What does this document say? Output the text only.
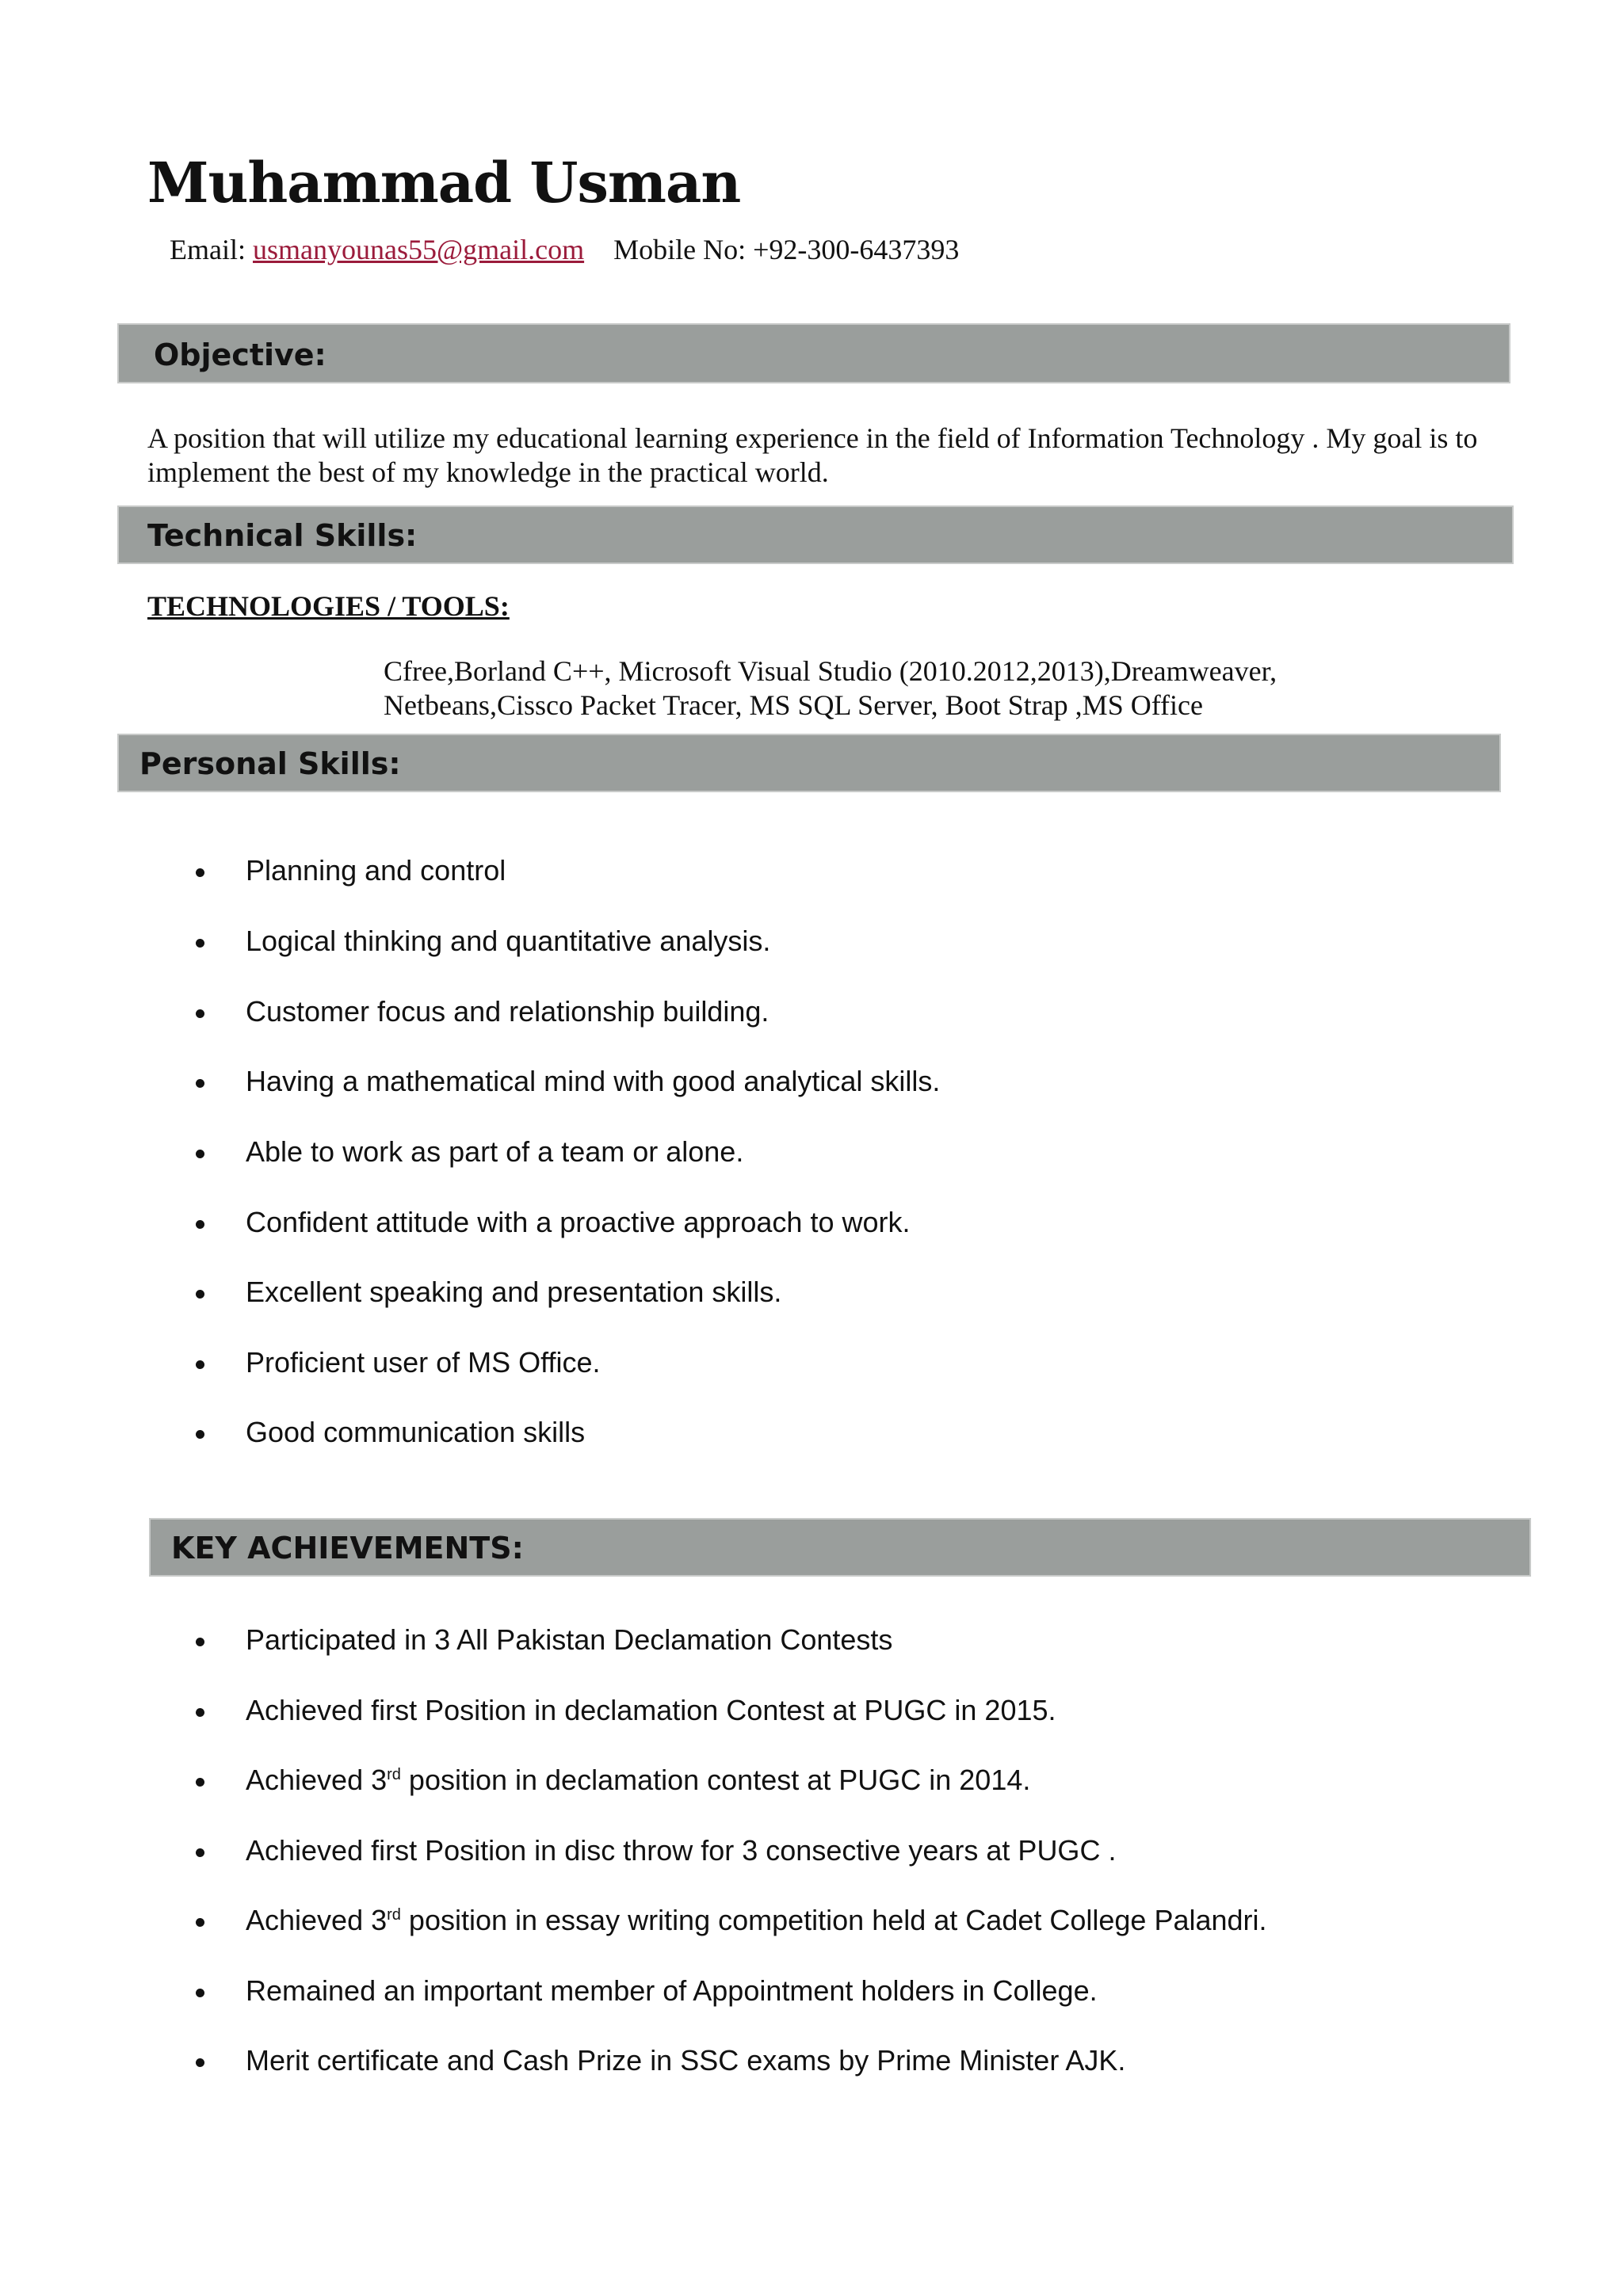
Muhammad Usman
Email: usmanyounas55@gmail.com Mobile No: +92-300-6437393
Objective:
A position that will utilize my educational learning experience in the field of Information Technology . My goal is to
implement the best of my knowledge in the practical world.
Technical Skills:
TECHNOLOGIES / TOOLS:
Cfree,Borland C++, Microsoft Visual Studio (2010.2012,2013),Dreamweaver,
Netbeans,Cissco Packet Tracer, MS SQL Server, Boot Strap ,MS Office
Personal Skills:
Planning and control
Logical thinking and quantitative analysis.
Customer focus and relationship building.
Having a mathematical mind with good analytical skills.
Able to work as part of a team or alone.
Confident attitude with a proactive approach to work.
Excellent speaking and presentation skills.
Proficient user of MS Office.
Good communication skills
KEY ACHIEVEMENTS:
Participated in 3 All Pakistan Declamation Contests
Achieved first Position in declamation Contest at PUGC in 2015.
Achieved 3rd position in declamation contest at PUGC in 2014.
Achieved first Position in disc throw for 3 consective years at PUGC .
Achieved 3rd position in essay writing competition held at Cadet College Palandri.
Remained an important member of Appointment holders in College.
Merit certificate and Cash Prize in SSC exams by Prime Minister AJK.
